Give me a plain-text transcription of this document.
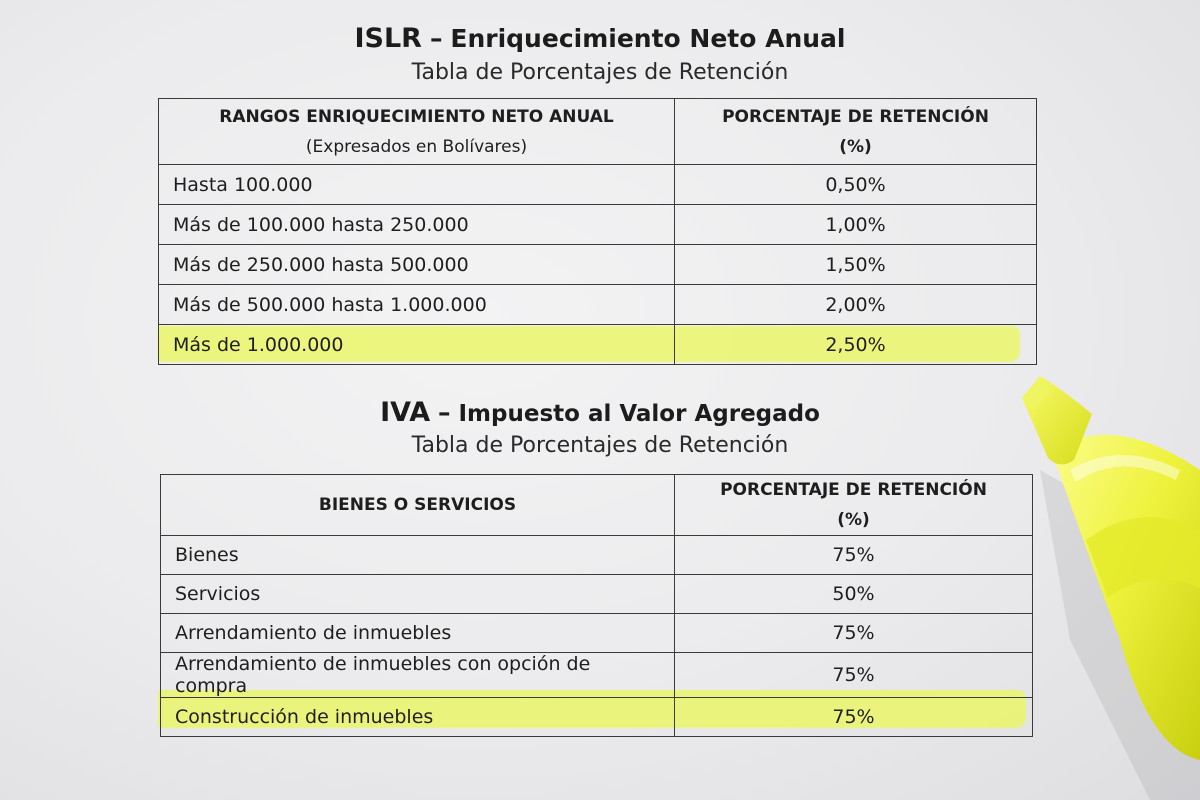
ISLR – Enriquecimiento Neto Anual
Tabla de Porcentajes de Retención
RANGOS ENRIQUECIMIENTO NETO ANUAL
(Expresados en Bolívares)	PORCENTAJE DE RETENCIÓN
(%)

Hasta 100.000	0,50%
Más de 100.000 hasta 250.000	1,00%
Más de 250.000 hasta 500.000	1,50%
Más de 500.000 hasta 1.000.000	2,00%
Más de 1.000.000	2,50%
IVA – Impuesto al Valor Agregado
Tabla de Porcentajes de Retención
BIENES O SERVICIOS	PORCENTAJE DE RETENCIÓN
(%)

Bienes	75%
Servicios	50%
Arrendamiento de inmuebles	75%
Arrendamiento de inmuebles con opción de compra	75%
Construcción de inmuebles	75%
